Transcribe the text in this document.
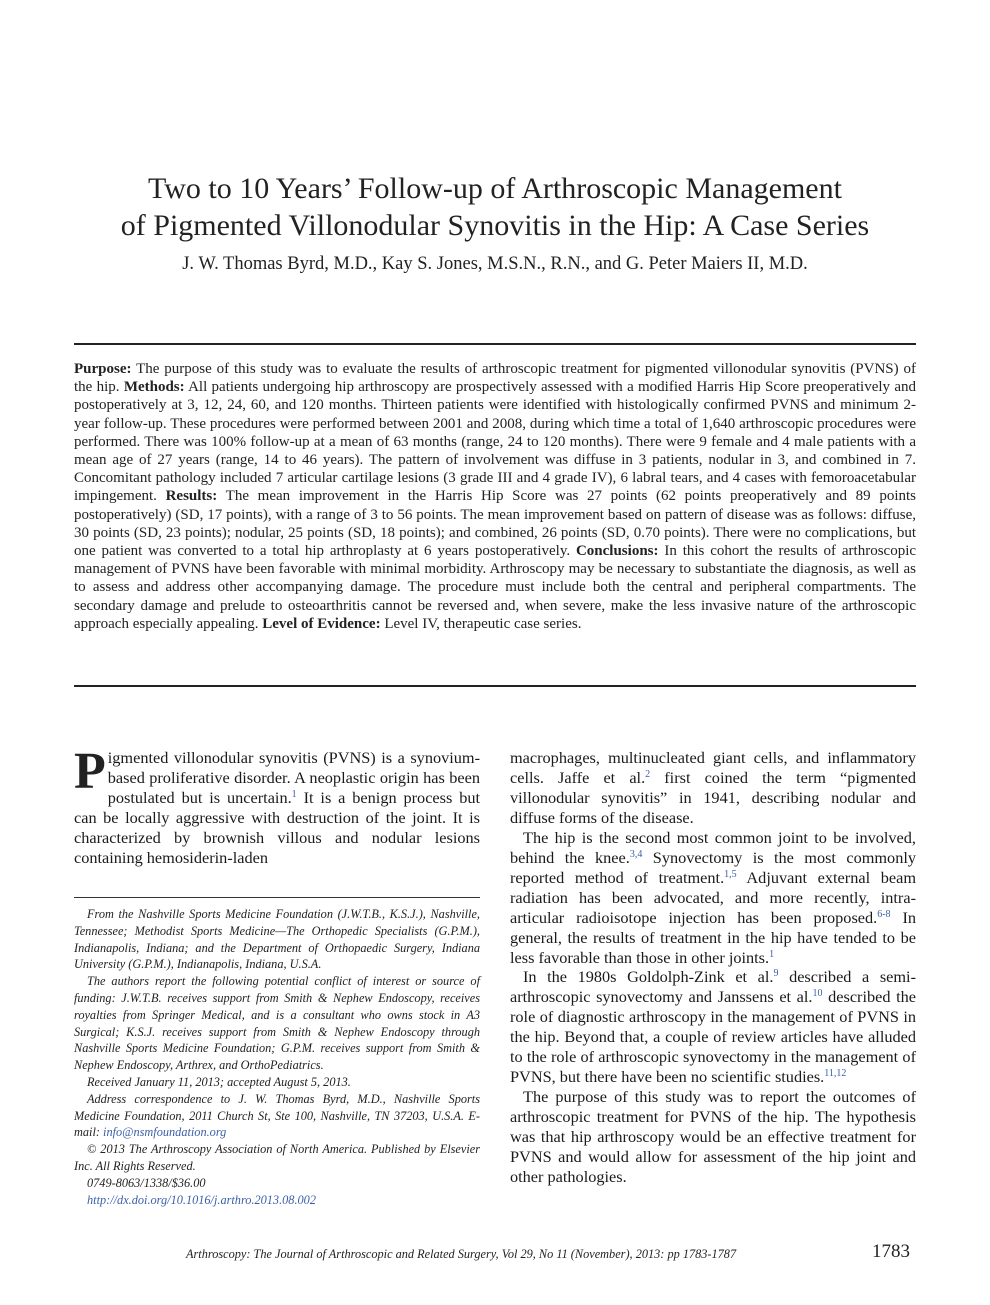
Two to 10 Years’ Follow-up of Arthroscopic Management
of Pigmented Villonodular Synovitis in the Hip: A Case Series
J. W. Thomas Byrd, M.D., Kay S. Jones, M.S.N., R.N., and G. Peter Maiers II, M.D.
Purpose: The purpose of this study was to evaluate the results of arthroscopic treatment for pigmented villonodular synovitis (PVNS) of the hip. Methods: All patients undergoing hip arthroscopy are prospectively assessed with a modified Harris Hip Score preoperatively and postoperatively at 3, 12, 24, 60, and 120 months. Thirteen patients were identified with histologically confirmed PVNS and minimum 2-year follow-up. These procedures were performed between 2001 and 2008, during which time a total of 1,640 arthroscopic procedures were performed. There was 100% follow-up at a mean of 63 months (range, 24 to 120 months). There were 9 female and 4 male patients with a mean age of 27 years (range, 14 to 46 years). The pattern of involvement was diffuse in 3 patients, nodular in 3, and combined in 7. Concomitant pathology included 7 articular cartilage lesions (3 grade III and 4 grade IV), 6 labral tears, and 4 cases with femoroacetabular impingement. Results: The mean improvement in the Harris Hip Score was 27 points (62 points preoperatively and 89 points postoperatively) (SD, 17 points), with a range of 3 to 56 points. The mean improvement based on pattern of disease was as follows: diffuse, 30 points (SD, 23 points); nodular, 25 points (SD, 18 points); and combined, 26 points (SD, 0.70 points). There were no complications, but one patient was converted to a total hip arthroplasty at 6 years postoperatively. Conclusions: In this cohort the results of arthroscopic management of PVNS have been favorable with minimal morbidity. Arthroscopy may be necessary to substantiate the diagnosis, as well as to assess and address other accompanying damage. The procedure must include both the central and peripheral compartments. The secondary damage and prelude to osteoarthritis cannot be reversed and, when severe, make the less invasive nature of the arthroscopic approach especially appealing. Level of Evidence: Level IV, therapeutic case series.

Pigmented villonodular synovitis (PVNS) is a synovium-based proliferative disorder. A neoplastic origin has been postulated but is uncertain.$^1$ It is a benign process but can be locally aggressive with destruction of the joint. It is characterized by brownish villous and nodular lesions containing hemosiderin-laden

macrophages, multinucleated giant cells, and inflammatory cells. Jaffe et al.$^2$ first coined the term “pigmented villonodular synovitis” in 1941, describing nodular and diffuse forms of the disease.

The hip is the second most common joint to be involved, behind the knee.$^{3,4}$ Synovectomy is the most commonly reported method of treatment.$^{1,5}$ Adjuvant external beam radiation has been advocated, and more recently, intra-articular radioisotope injection has been proposed.$^{6-8}$ In general, the results of treatment in the hip have tended to be less favorable than those in other joints.$^1$

In the 1980s Goldolph-Zink et al.$^9$ described a semi-arthroscopic synovectomy and Janssens et al.$^{10}$ described the role of diagnostic arthroscopy in the management of PVNS in the hip. Beyond that, a couple of review articles have alluded to the role of arthroscopic synovectomy in the management of PVNS, but there have been no scientific studies.$^{11,12}$

The purpose of this study was to report the outcomes of arthroscopic treatment for PVNS of the hip. The hypothesis was that hip arthroscopy would be an effective treatment for PVNS and would allow for assessment of the hip joint and other pathologies.

From the Nashville Sports Medicine Foundation (J.W.T.B., K.S.J.), Nashville, Tennessee; Methodist Sports Medicine—The Orthopedic Specialists (G.P.M.), Indianapolis, Indiana; and the Department of Orthopaedic Surgery, Indiana University (G.P.M.), Indianapolis, Indiana, U.S.A.

The authors report the following potential conflict of interest or source of funding: J.W.T.B. receives support from Smith & Nephew Endoscopy, receives royalties from Springer Medical, and is a consultant who owns stock in A3 Surgical; K.S.J. receives support from Smith & Nephew Endoscopy through Nashville Sports Medicine Foundation; G.P.M. receives support from Smith & Nephew Endoscopy, Arthrex, and OrthoPediatrics.

Received January 11, 2013; accepted August 5, 2013.

Address correspondence to J. W. Thomas Byrd, M.D., Nashville Sports Medicine Foundation, 2011 Church St, Ste 100, Nashville, TN 37203, U.S.A. E-mail: info@nsmfoundation.org

© 2013 The Arthroscopy Association of North America. Published by Elsevier Inc. All Rights Reserved.

0749-8063/1338/$36.00

http://dx.doi.org/10.1016/j.arthro.2013.08.002

Arthroscopy: The Journal of Arthroscopic and Related Surgery, Vol 29, No 11 (November), 2013: pp 1783-1787	1783
